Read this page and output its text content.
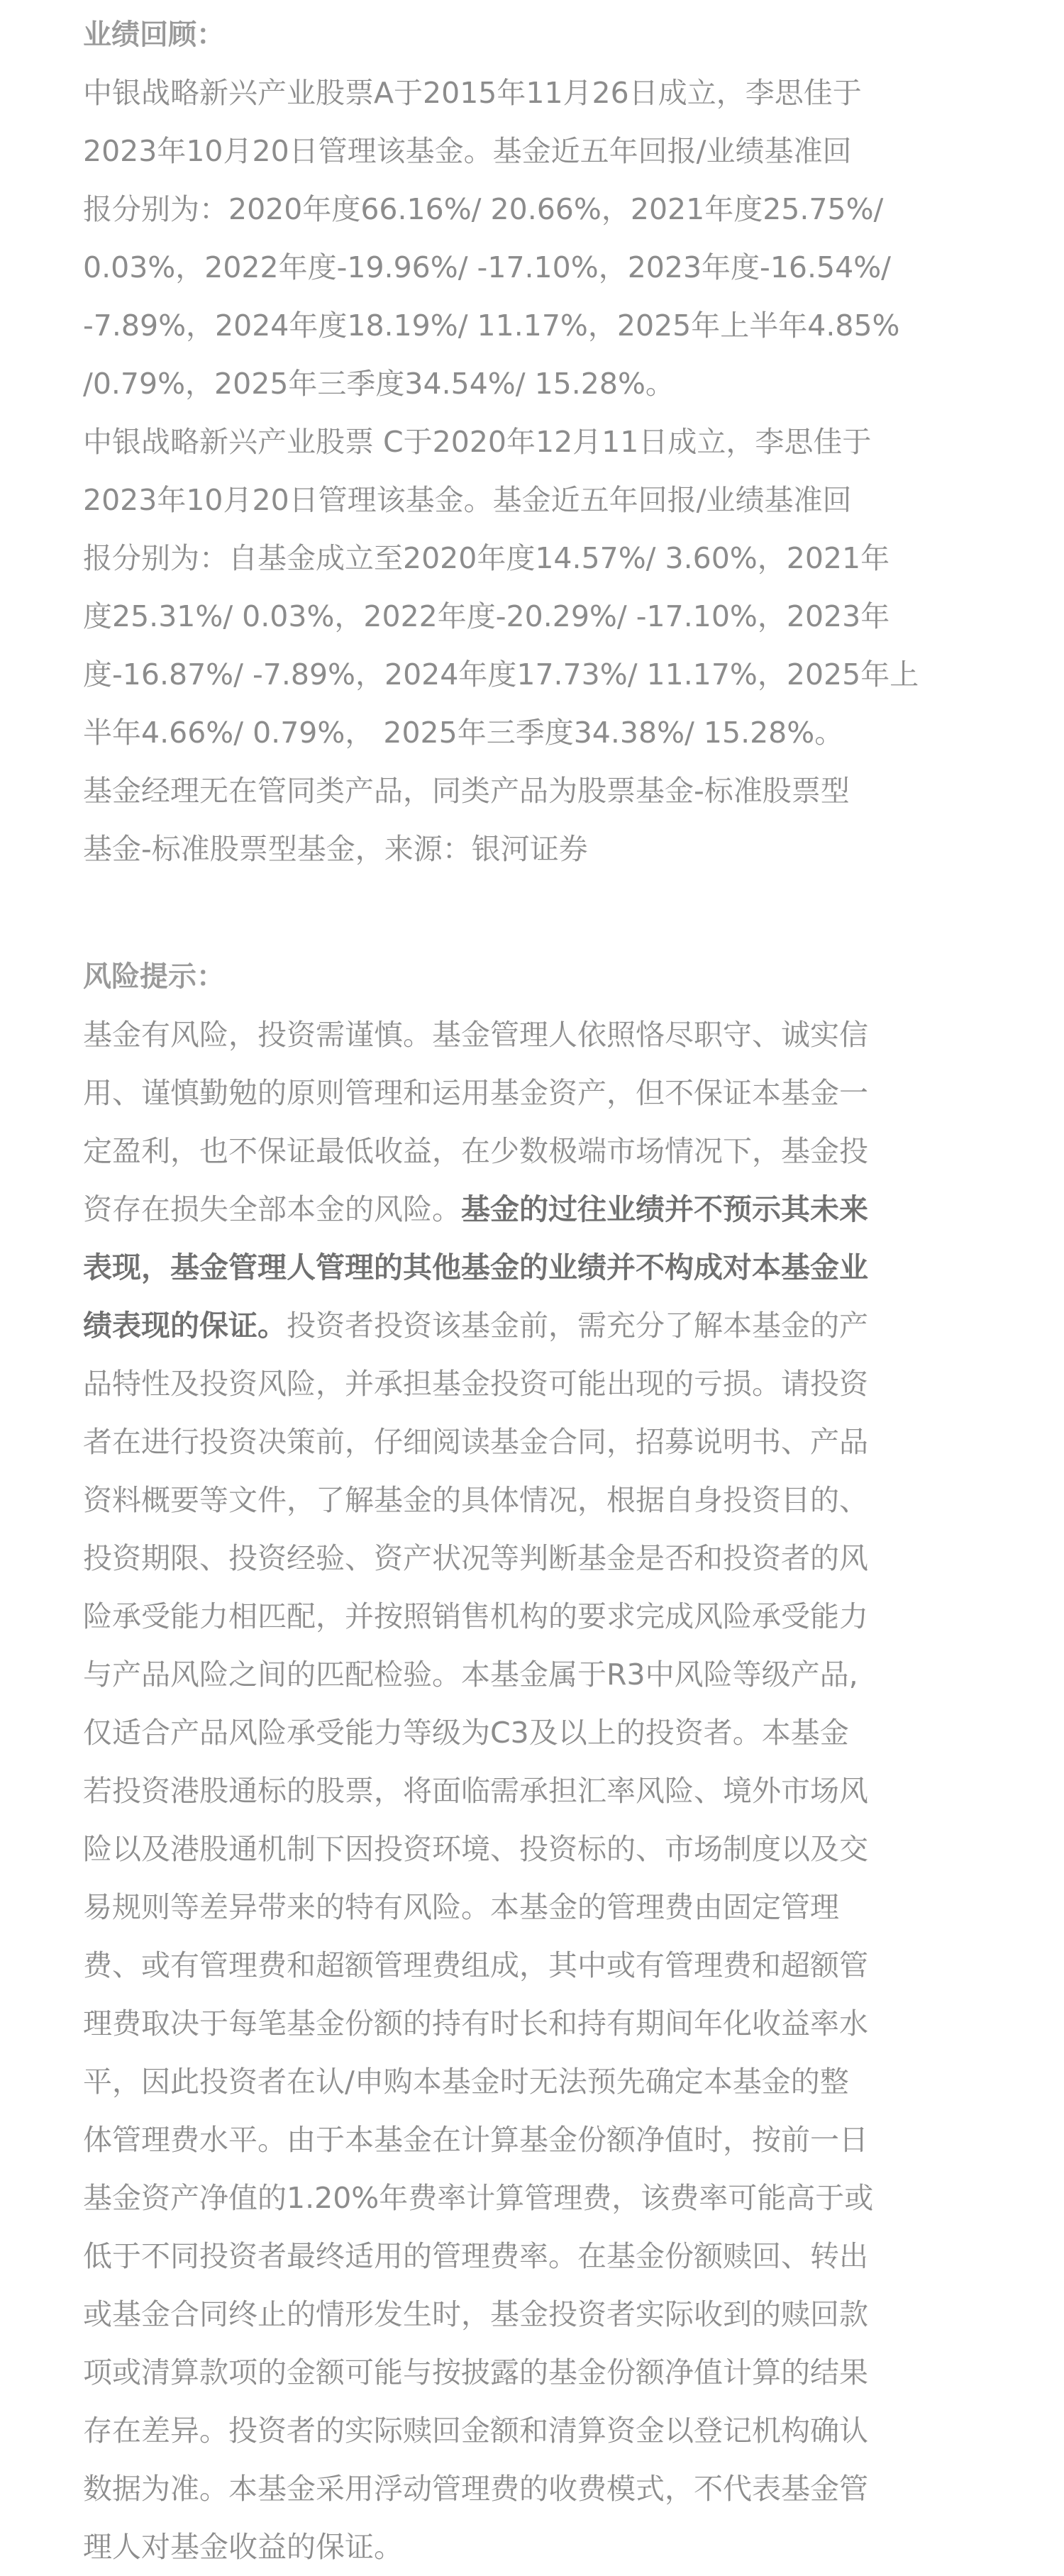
业绩回顾：
中银战略新兴产业股票A于2015年11月26日成立，李思佳于
2023年10月20日管理该基金。基金近五年回报/业绩基准回
报分别为：2020年度66.16%/ 20.66%，2021年度25.75%/
0.03%，2022年度-19.96%/ -17.10%，2023年度-16.54%/
-7.89%，2024年度18.19%/ 11.17%，2025年上半年4.85%
/0.79%，2025年三季度34.54%/ 15.28%。
中银战略新兴产业股票 C于2020年12月11日成立，李思佳于
2023年10月20日管理该基金。基金近五年回报/业绩基准回
报分别为：自基金成立至2020年度14.57%/ 3.60%，2021年
度25.31%/ 0.03%，2022年度-20.29%/ -17.10%，2023年
度-16.87%/ -7.89%，2024年度17.73%/ 11.17%，2025年上
半年4.66%/ 0.79%， 2025年三季度34.38%/ 15.28%。
基金经理无在管同类产品，同类产品为股票基金-标准股票型
基金-标准股票型基金，来源：银河证券
风险提示：
基金有风险，投资需谨慎。基金管理人依照恪尽职守、诚实信
用、谨慎勤勉的原则管理和运用基金资产，但不保证本基金一
定盈利，也不保证最低收益，在少数极端市场情况下，基金投
资存在损失全部本金的风险。基金的过往业绩并不预示其未来
表现，基金管理人管理的其他基金的业绩并不构成对本基金业
绩表现的保证。投资者投资该基金前，需充分了解本基金的产
品特性及投资风险，并承担基金投资可能出现的亏损。请投资
者在进行投资决策前，仔细阅读基金合同，招募说明书、产品
资料概要等文件，了解基金的具体情况，根据自身投资目的、
投资期限、投资经验、资产状况等判断基金是否和投资者的风
险承受能力相匹配，并按照销售机构的要求完成风险承受能力
与产品风险之间的匹配检验。本基金属于R3中风险等级产品,
仅适合产品风险承受能力等级为C3及以上的投资者。本基金
若投资港股通标的股票，将面临需承担汇率风险、境外市场风
险以及港股通机制下因投资环境、投资标的、市场制度以及交
易规则等差异带来的特有风险。本基金的管理费由固定管理
费、或有管理费和超额管理费组成，其中或有管理费和超额管
理费取决于每笔基金份额的持有时长和持有期间年化收益率水
平，因此投资者在认/申购本基金时无法预先确定本基金的整
体管理费水平。由于本基金在计算基金份额净值时，按前一日
基金资产净值的1.20%年费率计算管理费，该费率可能高于或
低于不同投资者最终适用的管理费率。在基金份额赎回、转出
或基金合同终止的情形发生时，基金投资者实际收到的赎回款
项或清算款项的金额可能与按披露的基金份额净值计算的结果
存在差异。投资者的实际赎回金额和清算资金以登记机构确认
数据为准。本基金采用浮动管理费的收费模式，不代表基金管
理人对基金收益的保证。
